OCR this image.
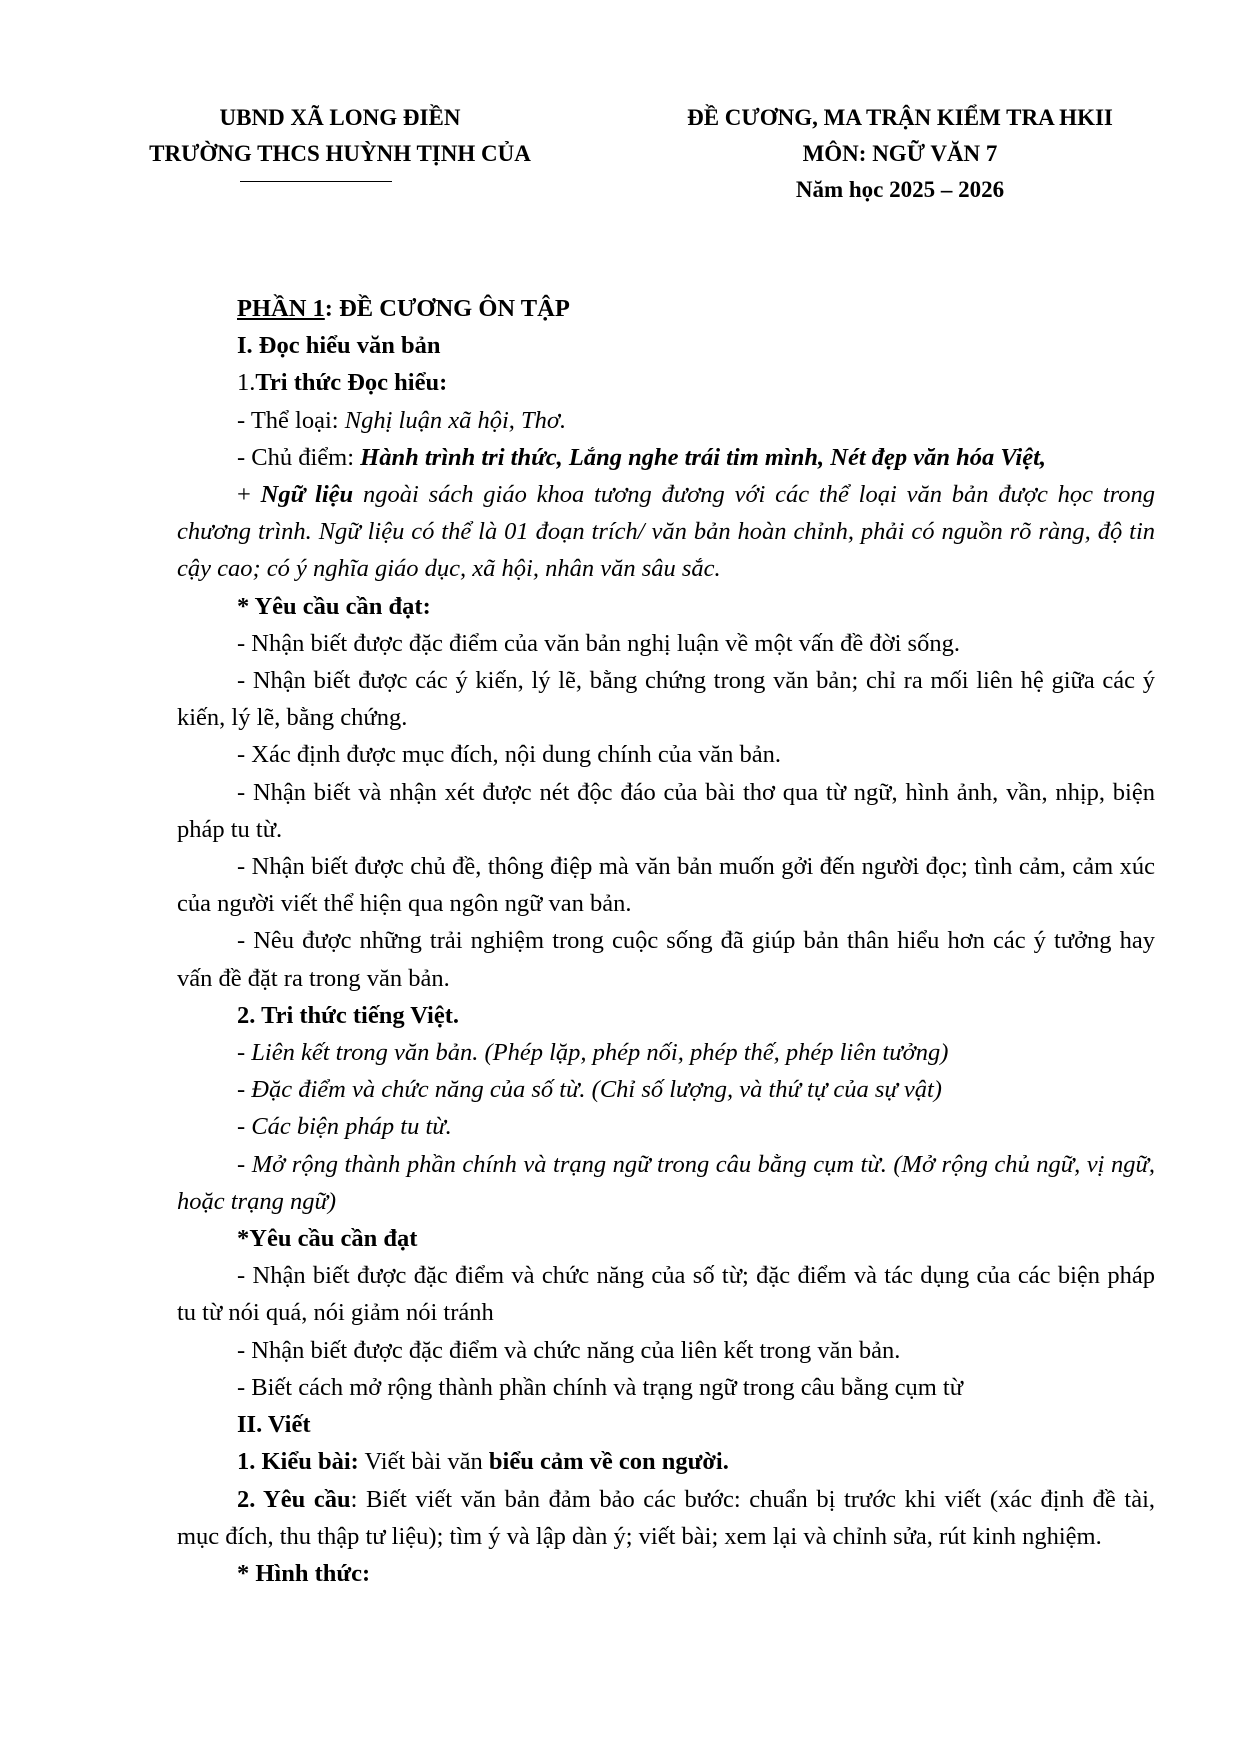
UBND XÃ LONG ĐIỀN
TRƯỜNG THCS HUỲNH TỊNH CỦA
ĐỀ CƯƠNG, MA TRẬN KIỂM TRA HKII
MÔN: NGỮ VĂN 7
Năm học 2025 – 2026

PHẦN 1: ĐỀ CƯƠNG ÔN TẬP

I. Đọc hiểu văn bản

1.Tri thức Đọc hiểu:

- Thể loại: Nghị luận xã hội, Thơ.

- Chủ điểm: Hành trình tri thức, Lắng nghe trái tim mình, Nét đẹp văn hóa Việt,

+ Ngữ liệu ngoài sách giáo khoa tương đương với các thể loại văn bản được học trong chương trình. Ngữ liệu có thể là 01 đoạn trích/ văn bản hoàn chỉnh, phải có nguồn rõ ràng, độ tin cậy cao; có ý nghĩa giáo dục, xã hội, nhân văn sâu sắc.

* Yêu cầu cần đạt:

- Nhận biết được đặc điểm của văn bản nghị luận về một vấn đề đời sống.

- Nhận biết được các ý kiến, lý lẽ, bằng chứng trong văn bản; chỉ ra mối liên hệ giữa các ý kiến, lý lẽ, bằng chứng.

- Xác định được mục đích, nội dung chính của văn bản.

- Nhận biết và nhận xét được nét độc đáo của bài thơ qua từ ngữ, hình ảnh, vần, nhịp, biện pháp tu từ.

- Nhận biết được chủ đề, thông điệp mà văn bản muốn gởi đến người đọc; tình cảm, cảm xúc của người viết thể hiện qua ngôn ngữ van bản.

- Nêu được những trải nghiệm trong cuộc sống đã giúp bản thân hiểu hơn các ý tưởng hay vấn đề đặt ra trong văn bản.

2. Tri thức tiếng Việt.

- Liên kết trong văn bản. (Phép lặp, phép nối, phép thế, phép liên tưởng)

- Đặc điểm và chức năng của số từ. (Chỉ số lượng, và thứ tự của sự vật)

- Các biện pháp tu từ.

- Mở rộng thành phần chính và trạng ngữ trong câu bằng cụm từ. (Mở rộng chủ ngữ, vị ngữ, hoặc trạng ngữ)

*Yêu cầu cần đạt

- Nhận biết được đặc điểm và chức năng của số từ; đặc điểm và tác dụng của các biện pháp tu từ nói quá, nói giảm nói tránh

- Nhận biết được đặc điểm và chức năng của liên kết trong văn bản.

- Biết cách mở rộng thành phần chính và trạng ngữ trong câu bằng cụm từ

II. Viết

1. Kiểu bài: Viết bài văn biểu cảm về con người.

2. Yêu cầu: Biết viết văn bản đảm bảo các bước: chuẩn bị trước khi viết (xác định đề tài, mục đích, thu thập tư liệu); tìm ý và lập dàn ý; viết bài; xem lại và chỉnh sửa, rút kinh nghiệm.

* Hình thức:
